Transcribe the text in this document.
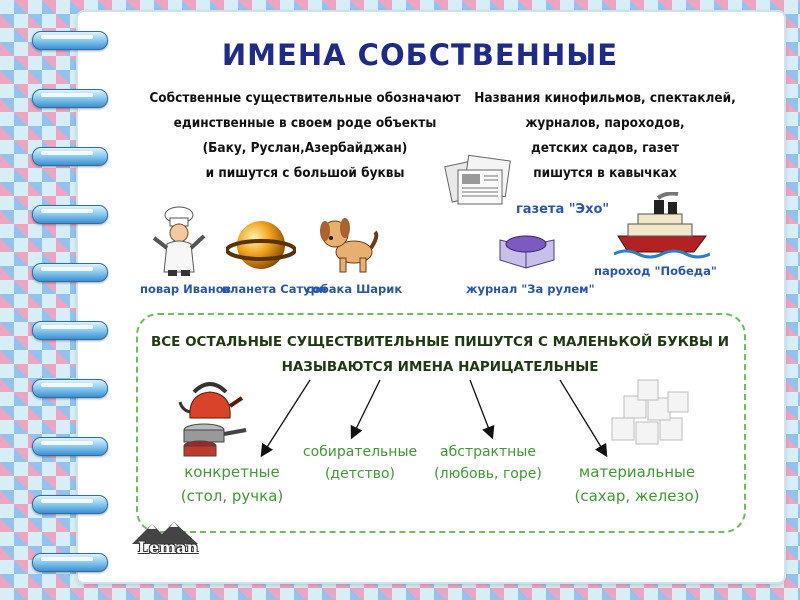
ИМЕНА СОБСТВЕННЫЕ
Собственные существительные обозначают
единственные в своем роде объекты
(Баку, Руслан,Азербайджан)
и пишутся с большой буквы
Названия кинофильмов, спектаклей,
журналов, пароходов,
детских садов, газет
пишутся в кавычках
повар Иванов
планета Сатурн
собака Шарик
газета "Эхо"
журнал "За рулем"
пароход "Победа"
ВСЕ ОСТАЛЬНЫЕ СУЩЕСТВИТЕЛЬНЫЕ ПИШУТСЯ С МАЛЕНЬКОЙ БУКВЫ И
НАЗЫВАЮТСЯ ИМЕНА НАРИЦАТЕЛЬНЫЕ
конкретные
(стол, ручка)
собирательные
(детство)
абстрактные
(любовь, горе)	материальные
(сахар, железо)
Leman
